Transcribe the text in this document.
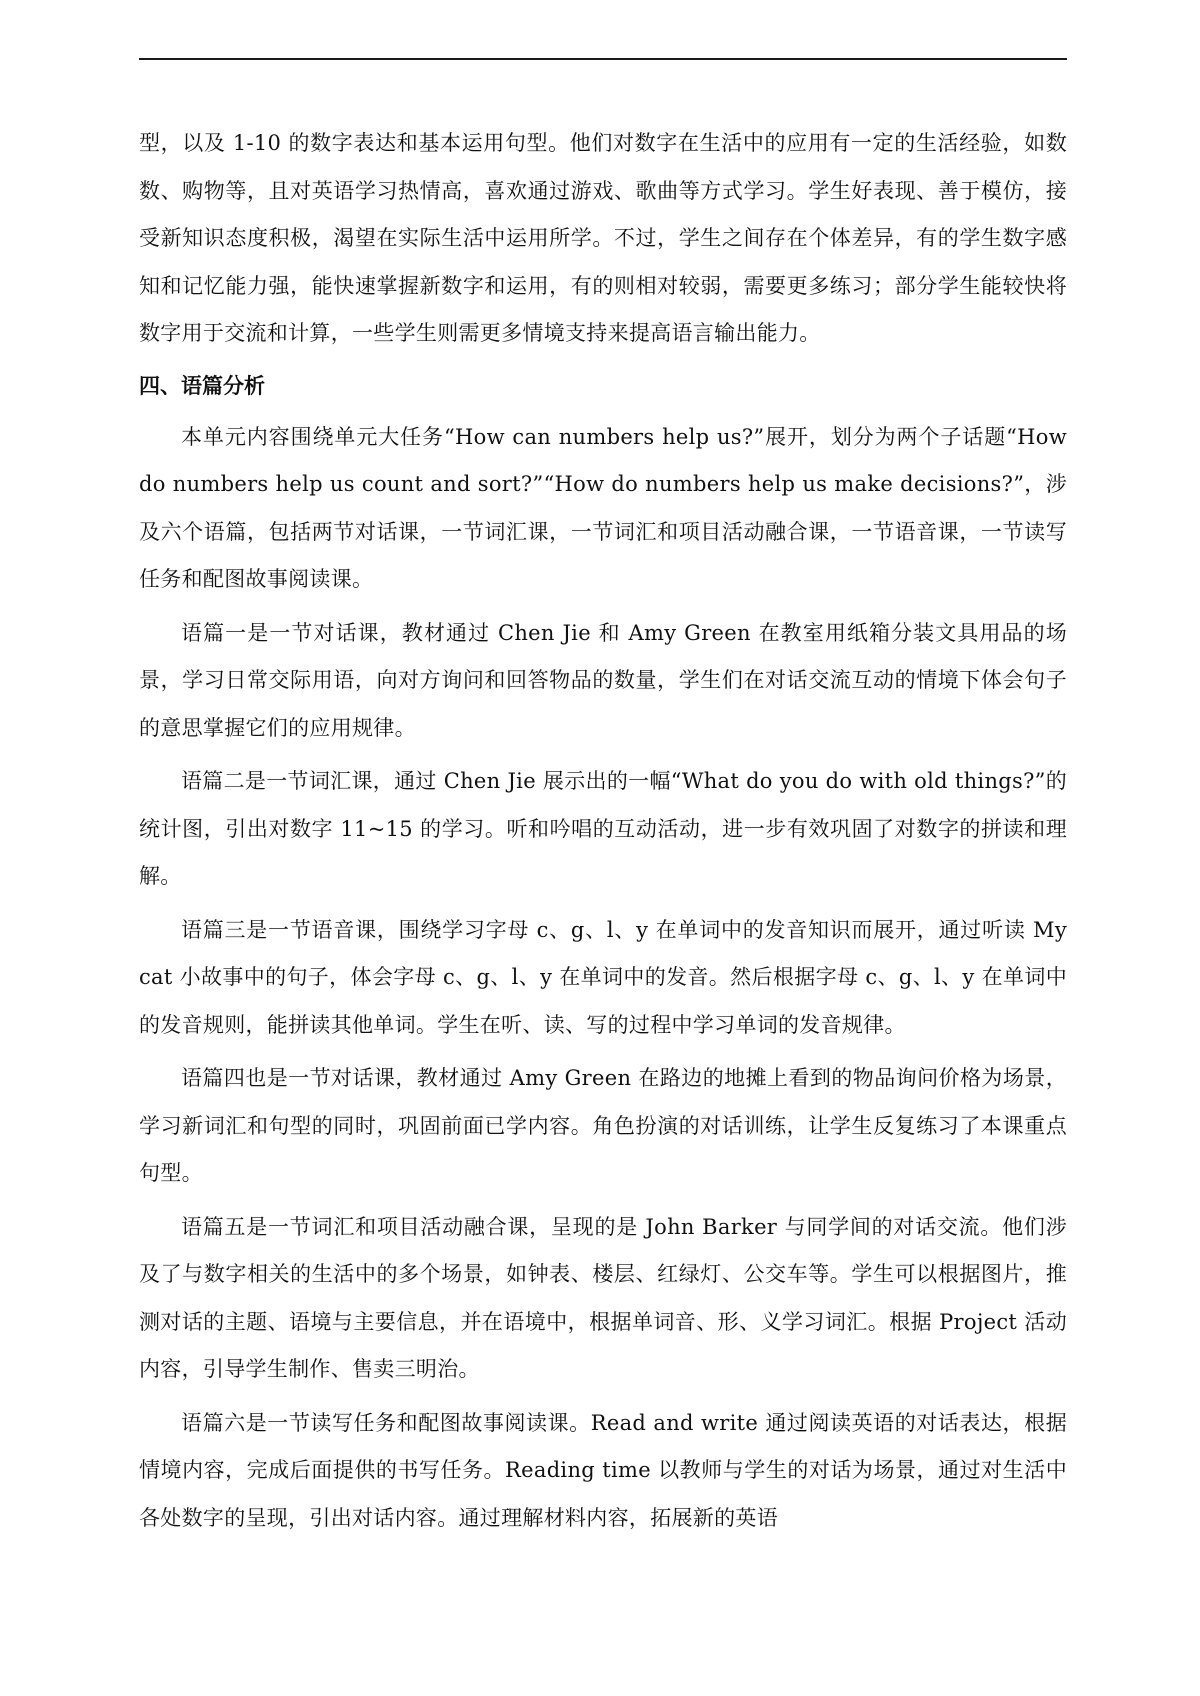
型，以及 1-10 的数字表达和基本运用句型。他们对数字在生活中的应用有一定的生活经验，如数数、购物等，且对英语学习热情高，喜欢通过游戏、歌曲等方式学习。学生好表现、善于模仿，接受新知识态度积极，渴望在实际生活中运用所学。不过，学生之间存在个体差异，有的学生数字感知和记忆能力强，能快速掌握新数字和运用，有的则相对较弱，需要更多练习；部分学生能较快将数字用于交流和计算，一些学生则需更多情境支持来提高语言输出能力。

四、语篇分析

本单元内容围绕单元大任务“How can numbers help us?”展开，划分为两个子话题“How do numbers help us count and sort?”“How do numbers help us make decisions?”，涉及六个语篇，包括两节对话课，一节词汇课，一节词汇和项目活动融合课，一节语音课，一节读写任务和配图故事阅读课。

语篇一是一节对话课，教材通过 Chen Jie 和 Amy Green 在教室用纸箱分装文具用品的场景，学习日常交际用语，向对方询问和回答物品的数量，学生们在对话交流互动的情境下体会句子的意思掌握它们的应用规律。

语篇二是一节词汇课，通过 Chen Jie 展示出的一幅“What do you do with old things?”的统计图，引出对数字 11~15 的学习。听和吟唱的互动活动，进一步有效巩固了对数字的拼读和理解。

语篇三是一节语音课，围绕学习字母 c、g、l、y 在单词中的发音知识而展开，通过听读 My cat 小故事中的句子，体会字母 c、g、l、y 在单词中的发音。然后根据字母 c、g、l、y 在单词中的发音规则，能拼读其他单词。学生在听、读、写的过程中学习单词的发音规律。

语篇四也是一节对话课，教材通过 Amy Green 在路边的地摊上看到的物品询问价格为场景，学习新词汇和句型的同时，巩固前面已学内容。角色扮演的对话训练，让学生反复练习了本课重点句型。

语篇五是一节词汇和项目活动融合课，呈现的是 John Barker 与同学间的对话交流。他们涉及了与数字相关的生活中的多个场景，如钟表、楼层、红绿灯、公交车等。学生可以根据图片，推测对话的主题、语境与主要信息，并在语境中，根据单词音、形、义学习词汇。根据 Project 活动内容，引导学生制作、售卖三明治。

语篇六是一节读写任务和配图故事阅读课。Read and write 通过阅读英语的对话表达，根据情境内容，完成后面提供的书写任务。Reading time 以教师与学生的对话为场景，通过对生活中各处数字的呈现，引出对话内容。通过理解材料内容，拓展新的英语
